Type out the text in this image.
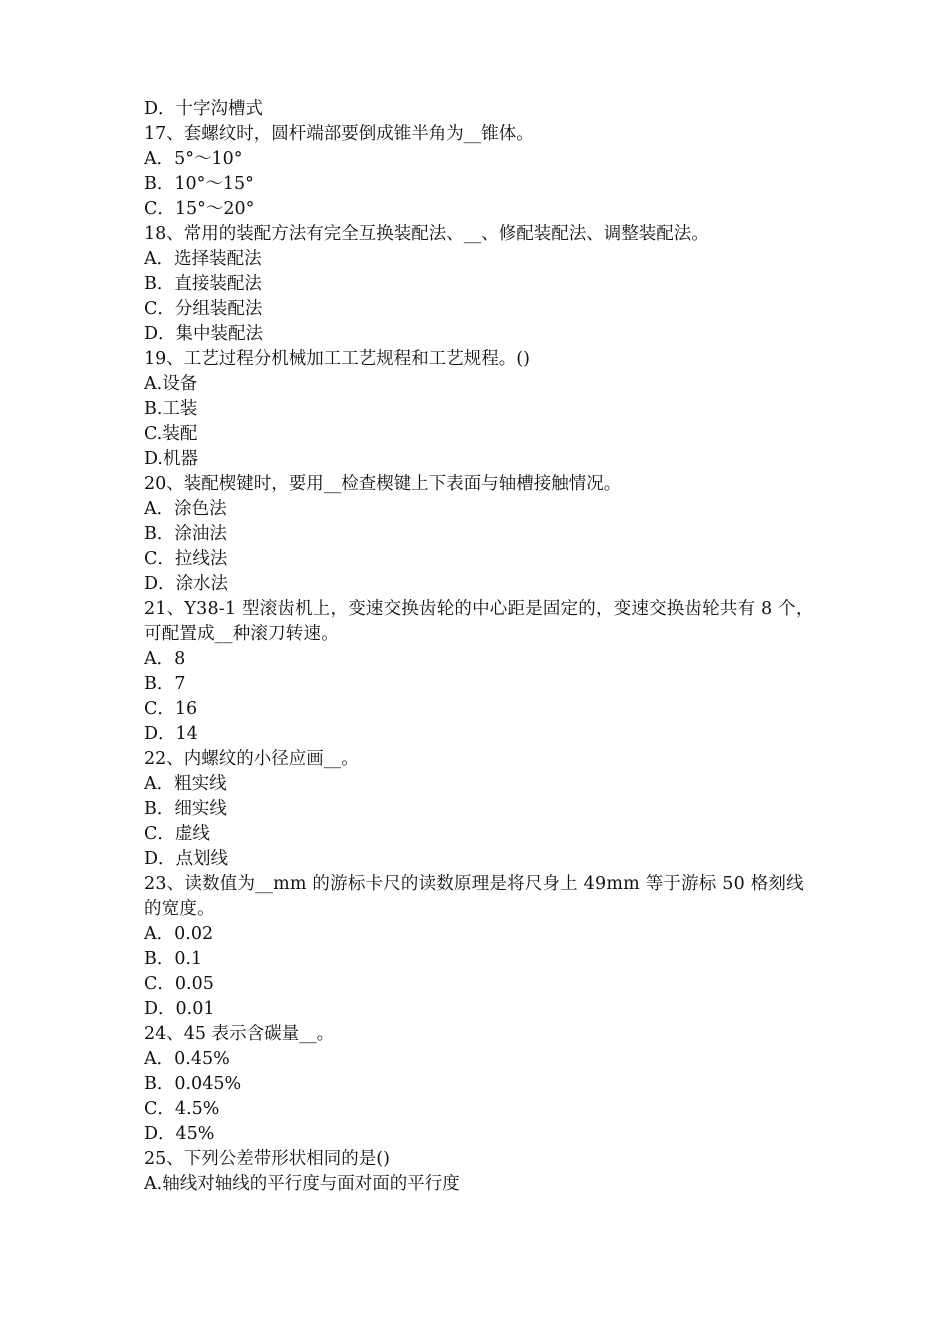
D．十字沟槽式
17、套螺纹时，圆杆端部要倒成锥半角为__锥体。
A．5°～10°
B．10°～15°
C．15°～20°
18、常用的装配方法有完全互换装配法、__、修配装配法、调整装配法。
A．选择装配法
B．直接装配法
C．分组装配法
D．集中装配法
19、工艺过程分机械加工工艺规程和工艺规程。()
A.设备
B.工装
C.装配
D.机器
20、装配楔键时，要用__检查楔键上下表面与轴槽接触情况。
A．涂色法
B．涂油法
C．拉线法
D．涂水法
21、Y38-1 型滚齿机上，变速交换齿轮的中心距是固定的，变速交换齿轮共有 8 个，可配置成__种滚刀转速。
A．8
B．7
C．16
D．14
22、内螺纹的小径应画__。
A．粗实线
B．细实线
C．虚线
D．点划线
23、读数值为__mm 的游标卡尺的读数原理是将尺身上 49mm 等于游标 50 格刻线的宽度。
A．0.02
B．0.1
C．0.05
D．0.01
24、45 表示含碳量__。
A．0.45%
B．0.045%
C．4.5%
D．45%
25、下列公差带形状相同的是()
A.轴线对轴线的平行度与面对面的平行度
